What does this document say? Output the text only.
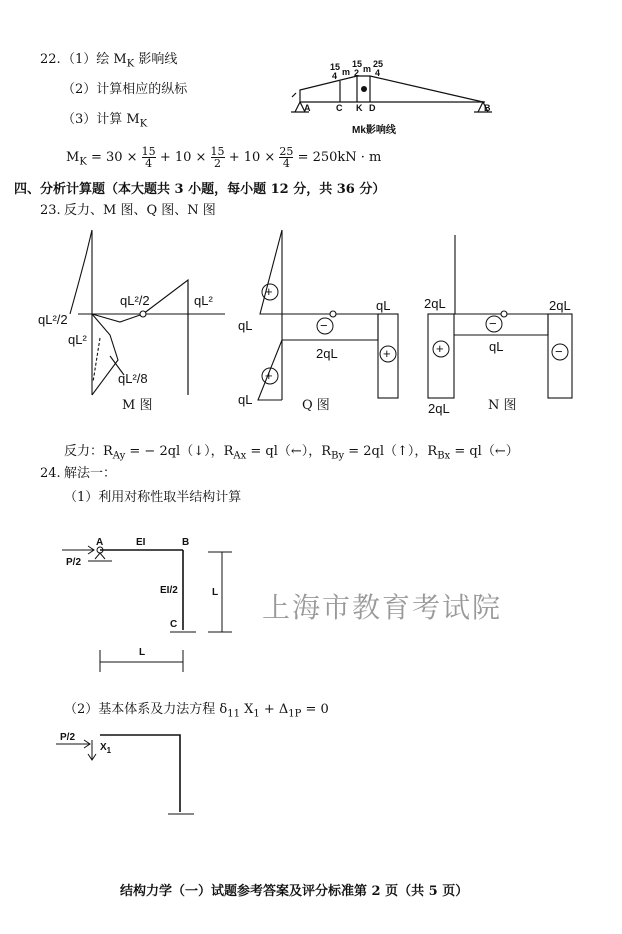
22. （1）绘 $M_K$ 影响线
（2）计算相应的纵标
（3）计算 $M_K$
15
4 m
15
2 m 25
4
A	C K D	B
Mk影响线
$M_K = 30 \times \frac{15}{4} + 10 \times \frac{15}{2} + 10 \times \frac{25}{4} = 250kN \cdot m$
四、分析计算题（本大题共 3 小题，每小题 12 分，共 36 分）
23. 反力、M 图、Q 图、N 图
qL²/2
qL²/2
qL²
qL²
qL²/8
M 图
qL
qL
2qL
qL	Q 图
+
−
+
+
2qL	2qL
qL
2qL	N 图
+
−
−
反力：$R_{Ay}$ = − 2ql（↓），$R_{Ax}$ = ql（←），$R_{By}$ = 2ql（↑），$R_{Bx}$ = ql（←）
24. 解法一：
（1）利用对称性取半结构计算
P/2
A	B
C
EI
EI/2	L
L
（2）基本体系及力法方程 $\delta_{11}$ $X_1 + \Delta_{1P} = 0$
P/2
$X_1$
上海市教育考试院
结构力学（一）试题参考答案及评分标准第 2 页（共 5 页）
